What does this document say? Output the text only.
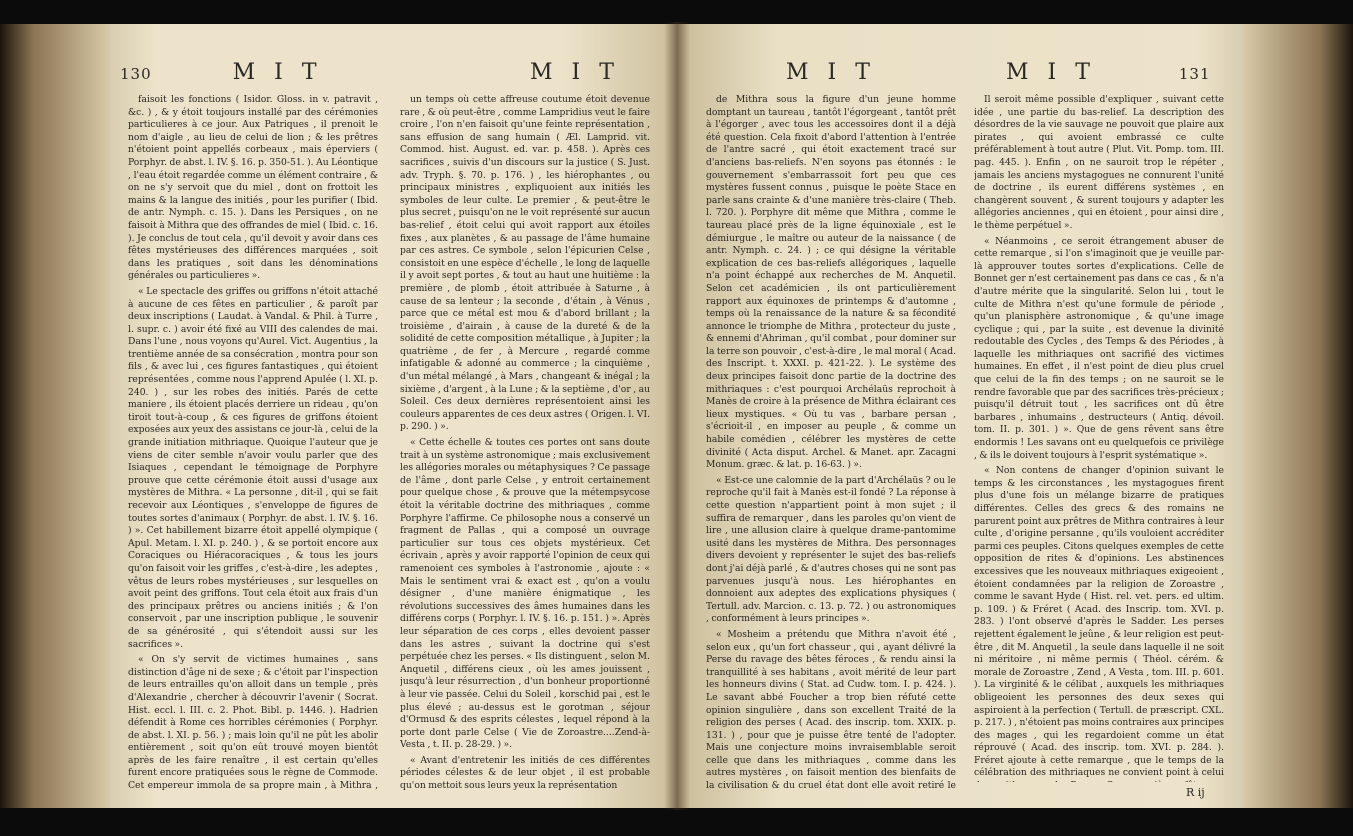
130	M I T	M I T

faisoit les fonctions ( Isidor. Gloss. in v. patravit , &c. ) , & y étoit toujours installé par des cérémonies particulieres à ce jour. Aux Patriques , il prenoit le nom d'aigle , au lieu de celui de lion ; & les prêtres n'étoient point appellés corbeaux , mais éperviers ( Porphyr. de abst. l. IV. §. 16. p. 350-51. ). Au Léontique , l'eau étoit regardée comme un élément contraire , & on ne s'y servoit que du miel , dont on frottoit les mains & la langue des initiés , pour les purifier ( Ibid. de antr. Nymph. c. 15. ). Dans les Persiques , on ne faisoit à Mithra que des offrandes de miel ( Ibid. c. 16. ). Je conclus de tout cela , qu'il devoit y avoir dans ces fêtes mystérieuses des différences marquées , soit dans les pratiques , soit dans les dénominations générales ou particulieres ».

« Le spectacle des griffes ou griffons n'étoit attaché à aucune de ces fêtes en particulier , & paroît par deux inscriptions ( Laudat. à Vandal. & Phil. à Turre , l. supr. c. ) avoir été fixé au VIII des calendes de mai. Dans l'une , nous voyons qu'Aurel. Vict. Augentius , la trentième année de sa consécration , montra pour son fils , & avec lui , ces figures fantastiques , qui étoient représentées , comme nous l'apprend Apulée ( l. XI. p. 240. ) , sur les robes des initiés. Parés de cette maniere , ils étoient placés derriere un rideau , qu'on tiroit tout-à-coup , & ces figures de griffons étoient exposées aux yeux des assistans ce jour-là , celui de la grande initiation mithriaque. Quoique l'auteur que je viens de citer semble n'avoir voulu parler que des Isiaques , cependant le témoignage de Porphyre prouve que cette cérémonie étoit aussi d'usage aux mystères de Mithra. « La personne , dit-il , qui se fait recevoir aux Léontiques , s'enveloppe de figures de toutes sortes d'animaux ( Porphyr. de abst. l. IV. §. 16. ) ». Cet habillement bizarre étoit appellé olympique ( Apul. Metam. l. XI. p. 240. ) , & se portoit encore aux Coraciques ou Hiéracoraciques , & tous les jours qu'on faisoit voir les griffes , c'est-à-dire , les adeptes , vêtus de leurs robes mystérieuses , sur lesquelles on avoit peint des griffons. Tout cela étoit aux frais d'un des principaux prêtres ou anciens initiés ; & l'on conservoit , par une inscription publique , le souvenir de sa générosité , qui s'étendoit aussi sur les sacrifices ».

« On s'y servit de victimes humaines , sans distinction d'âge ni de sexe ; & c'étoit par l'inspection de leurs entrailles qu'on alloit dans un temple , près d'Alexandrie , chercher à découvrir l'avenir ( Socrat. Hist. eccl. l. III. c. 2. Phot. Bibl. p. 1446. ). Hadrien défendit à Rome ces horribles cérémonies ( Porphyr. de abst. l. XI. p. 56. ) ; mais loin qu'il ne pût les abolir entièrement , soit qu'on eût trouvé moyen bientôt après de les faire renaître , il est certain qu'elles furent encore pratiquées sous le règne de Commode. Cet empereur immola de sa propre main , à Mithra ,

un temps où cette affreuse coutume étoit devenue rare , & où peut-être , comme Lampridius veut le faire croire , l'on n'en faisoit qu'une feinte représentation , sans effusion de sang humain ( Æl. Lamprid. vit. Commod. hist. August. ed. var. p. 458. ). Après ces sacrifices , suivis d'un discours sur la justice ( S. Just. adv. Tryph. §. 70. p. 176. ) , les hiérophantes , ou principaux ministres , expliquoient aux initiés les symboles de leur culte. Le premier , & peut-être le plus secret , puisqu'on ne le voit représenté sur aucun bas-relief , étoit celui qui avoit rapport aux étoiles fixes , aux planètes , & au passage de l'âme humaine par ces astres. Ce symbole , selon l'épicurien Celse , consistoit en une espèce d'échelle , le long de laquelle il y avoit sept portes , & tout au haut une huitième : la première , de plomb , étoit attribuée à Saturne , à cause de sa lenteur ; la seconde , d'étain , à Vénus , parce que ce métal est mou & d'abord brillant ; la troisième , d'airain , à cause de la dureté & de la solidité de cette composition métallique , à Jupiter ; la quatrième , de fer , à Mercure , regardé comme infatigable & adonné au commerce ; la cinquième , d'un métal mélangé , à Mars , changeant & inégal ; la sixième , d'argent , à la Lune ; & la septième , d'or , au Soleil. Ces deux dernières représentoient ainsi les couleurs apparentes de ces deux astres ( Origen. l. VI. p. 290. ) ».

« Cette échelle & toutes ces portes ont sans doute trait à un système astronomique ; mais exclusivement les allégories morales ou métaphysiques ? Ce passage de l'âme , dont parle Celse , y entroit certainement pour quelque chose , & prouve que la métempsycose étoit la véritable doctrine des mithriaques , comme Porphyre l'affirme. Ce philosophe nous a conservé un fragment de Pallas , qui a composé un ouvrage particulier sur tous ces objets mystérieux. Cet écrivain , après y avoir rapporté l'opinion de ceux qui ramenoient ces symboles à l'astronomie , ajoute : « Mais le sentiment vrai & exact est , qu'on a voulu désigner , d'une manière énigmatique , les révolutions successives des âmes humaines dans les différens corps ( Porphyr. l. IV. §. 16. p. 151. ) ». Après leur séparation de ces corps , elles devoient passer dans les astres , suivant la doctrine qui s'est perpétuée chez les perses. « Ils distinguent , selon M. Anquetil , différens cieux , où les ames jouissent , jusqu'à leur résurrection , d'un bonheur proportionné à leur vie passée. Celui du Soleil , korschid pai , est le plus élevé ; au-dessus est le gorotman , séjour d'Ormusd & des esprits célestes , lequel répond à la porte dont parle Celse ( Vie de Zoroastre....Zend-à-Vesta , t. II. p. 28-29. ) ».

« Avant d'entretenir les initiés de ces différentes périodes célestes & de leur objet , il est probable qu'on mettoit sous leurs yeux la représentation

M I T	M I T	131

de Mithra sous la figure d'un jeune homme domptant un taureau , tantôt l'égorgeant , tantôt prêt à l'égorger , avec tous les accessoires dont il a déjà été question. Cela fixoit d'abord l'attention à l'entrée de l'antre sacré , qui étoit exactement tracé sur d'anciens bas-reliefs. N'en soyons pas étonnés : le gouvernement s'embarrassoit fort peu que ces mystères fussent connus , puisque le poète Stace en parle sans crainte & d'une manière très-claire ( Theb. l. 720. ). Porphyre dit même que Mithra , comme le taureau placé près de la ligne équinoxiale , est le démiurgue , le maître ou auteur de la naissance ( de antr. Nymph. c. 24. ) ; ce qui désigne la véritable explication de ces bas-reliefs allégoriques , laquelle n'a point échappé aux recherches de M. Anquetil. Selon cet académicien , ils ont particulièrement rapport aux équinoxes de printemps & d'automne , temps où la renaissance de la nature & sa fécondité annonce le triomphe de Mithra , protecteur du juste , & ennemi d'Ahriman , qu'il combat , pour dominer sur la terre son pouvoir , c'est-à-dire , le mal moral ( Acad. des Inscript. t. XXXI. p. 421-22. ). Le système des deux principes faisoit donc partie de la doctrine des mithriaques : c'est pourquoi Archélaüs reprochoit à Manès de croire à la présence de Mithra éclairant ces lieux mystiques. « Où tu vas , barbare persan , s'écrioit-il , en imposer au peuple , & comme un habile comédien , célébrer les mystères de cette divinité ( Acta disput. Archel. & Manet. apr. Zacagni Monum. græc. & lat. p. 16-63. ) ».

« Est-ce une calomnie de la part d'Archélaüs ? ou le reproche qu'il fait à Manès est-il fondé ? La réponse à cette question n'appartient point à mon sujet ; il suffira de remarquer , dans les paroles qu'on vient de lire , une allusion claire à quelque drame-pantomime usité dans les mystères de Mithra. Des personnages divers devoient y représenter le sujet des bas-reliefs dont j'ai déjà parlé , & d'autres choses qui ne sont pas parvenues jusqu'à nous. Les hiérophantes en donnoient aux adeptes des explications physiques ( Tertull. adv. Marcion. c. 13. p. 72. ) ou astronomiques , conformément à leurs principes ».

« Mosheim a prétendu que Mithra n'avoit été , selon eux , qu'un fort chasseur , qui , ayant délivré la Perse du ravage des bêtes féroces , & rendu ainsi la tranquillité à ses habitans , avoit mérité de leur part les honneurs divins ( Stat. ad Cudw. tom. I. p. 424. ). Le savant abbé Foucher a trop bien réfuté cette opinion singulière , dans son excellent Traité de la religion des perses ( Acad. des inscrip. tom. XXIX. p. 131. ) , pour que je puisse être tenté de l'adopter. Mais une conjecture moins invraisemblable seroit celle que dans les mithriaques , comme dans les autres mystères , on faisoit mention des bienfaits de la civilisation & du cruel état dont elle avoit retiré le

Il seroit même possible d'expliquer , suivant cette idée , une partie du bas-relief. La description des désordres de la vie sauvage ne pouvoit que plaire aux pirates , qui avoient embrassé ce culte préférablement à tout autre ( Plut. Vit. Pomp. tom. III. pag. 445. ). Enfin , on ne sauroit trop le répéter , jamais les anciens mystagogues ne connurent l'unité de doctrine , ils eurent différens systèmes , en changèrent souvent , & surent toujours y adapter les allégories anciennes , qui en étoient , pour ainsi dire , le thème perpétuel ».

« Néanmoins , ce seroit étrangement abuser de cette remarque , si l'on s'imaginoit que je veuille par-là approuver toutes sortes d'explications. Celle de Bonnet ger n'est certainement pas dans ce cas , & n'a d'autre mérite que la singularité. Selon lui , tout le culte de Mithra n'est qu'une formule de période , qu'un planisphère astronomique , & qu'une image cyclique ; qui , par la suite , est devenue la divinité redoutable des Cycles , des Temps & des Périodes , à laquelle les mithriaques ont sacrifié des victimes humaines. En effet , il n'est point de dieu plus cruel que celui de la fin des temps ; on ne sauroit se le rendre favorable que par des sacrifices très-précieux ; puisqu'il détruit tout , les sacrifices ont dû être barbares , inhumains , destructeurs ( Antiq. dévoil. tom. II. p. 301. ) ». Que de gens rêvent sans être endormis ! Les savans ont eu quelquefois ce privilège , & ils le doivent toujours à l'esprit systématique ».

« Non contens de changer d'opinion suivant le temps & les circonstances , les mystagogues firent plus d'une fois un mélange bizarre de pratiques différentes. Celles des grecs & des romains ne parurent point aux prêtres de Mithra contraires à leur culte , d'origine persanne , qu'ils vouloient accréditer parmi ces peuples. Citons quelques exemples de cette opposition de rites & d'opinions. Les abstinences excessives que les nouveaux mithriaques exigeoient , étoient condamnées par la religion de Zoroastre , comme le savant Hyde ( Hist. rel. vet. pers. ed ultim. p. 109. ) & Fréret ( Acad. des Inscrip. tom. XVI. p. 283. ) l'ont observé d'après le Sadder. Les perses rejettent également le jeûne , & leur religion est peut-être , dit M. Anquetil , la seule dans laquelle il ne soit ni méritoire , ni même permis ( Théol. cérém. & morale de Zoroastre , Zend , A Vesta , tom. III. p. 601. ). La virginité & le célibat , auxquels les mithriaques obligeoient les personnes des deux sexes qui aspiroient à la perfection ( Tertull. de præscript. CXL. p. 217. ) , n'étoient pas moins contraires aux principes des mages , qui les regardoient comme un état réprouvé ( Acad. des inscrip. tom. XVI. p. 284. ). Fréret ajoute à cette remarque , que le temps de la célébration des mithriaques ne convient point à celui

R ij
